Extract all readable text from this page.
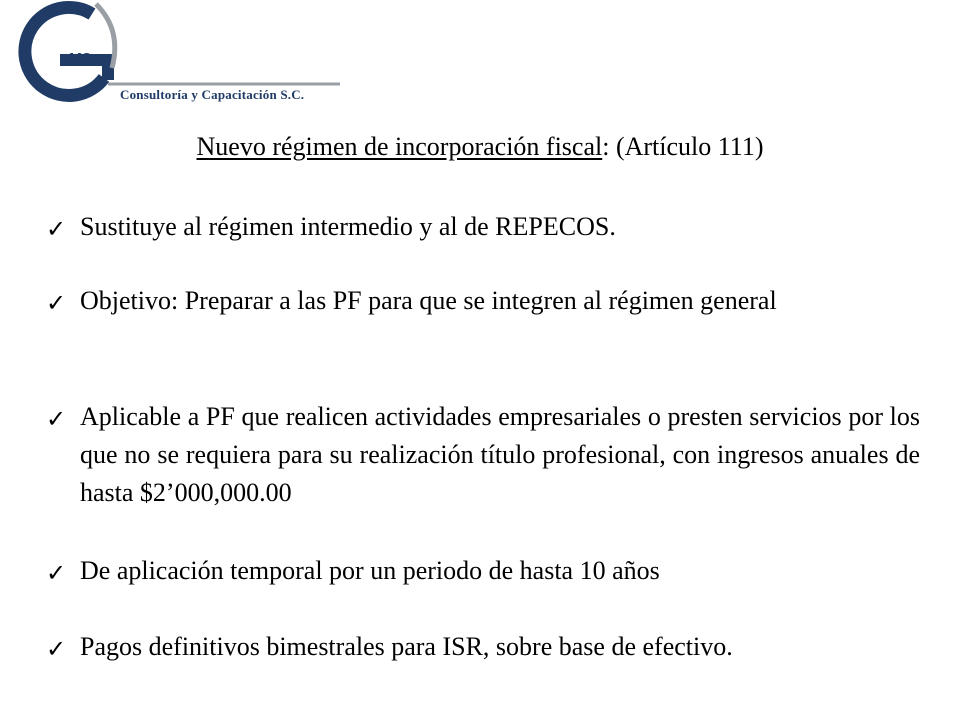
va
Consultoría y Capacitación S.C.
Nuevo régimen de incorporación fiscal: (Artículo 111)
✓ Sustituye al régimen intermedio y al de REPECOS.
✓ Objetivo: Preparar a las PF para que se integren al régimen general
✓ Aplicable a PF que realicen actividades empresariales o presten servicios por los que no se requiera para su realización título profesional, con ingresos anuales de hasta $2’000,000.00
✓ De aplicación temporal por un periodo de hasta 10 años
✓ Pagos definitivos bimestrales para ISR, sobre base de efectivo.
